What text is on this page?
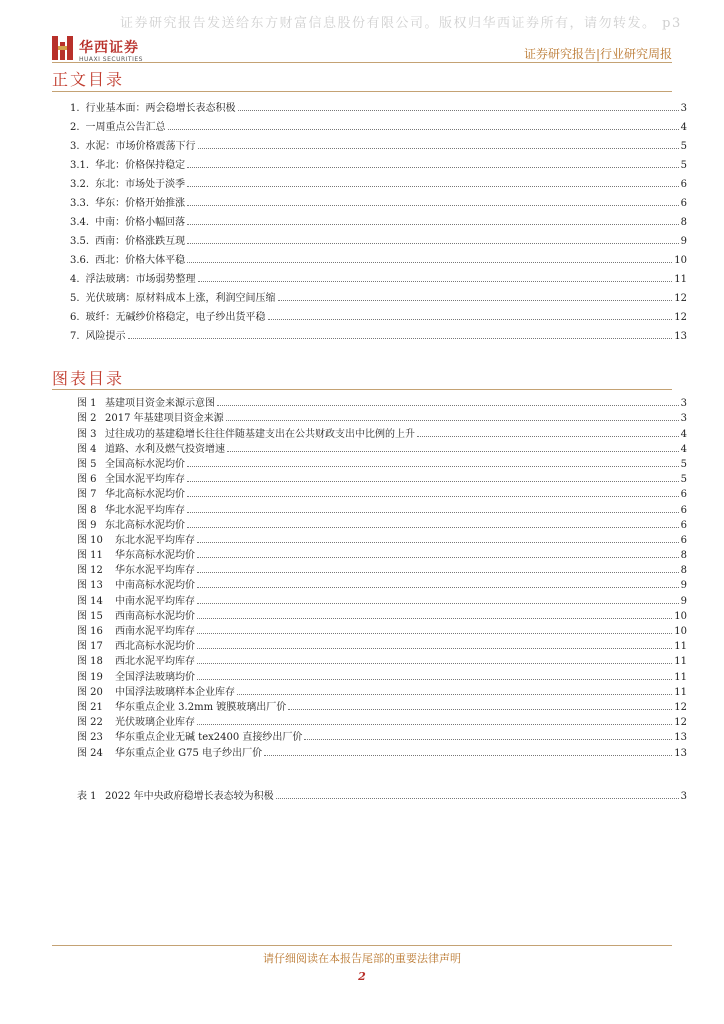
证券研究报告发送给东方财富信息股份有限公司。版权归华西证券所有，请勿转发。 p3
华西证券
HUAXI SECURITIES	证券研究报告|行业研究周报
正文目录
1. 行业基本面：两会稳增长表态积极	3
2. 一周重点公告汇总	4
3. 水泥：市场价格震荡下行	5
3.1. 华北：价格保持稳定	5
3.2. 东北：市场处于淡季	6
3.3. 华东：价格开始推涨	6
3.4. 中南：价格小幅回落	8
3.5. 西南：价格涨跌互现	9
3.6. 西北：价格大体平稳	10
4. 浮法玻璃：市场弱势整理	11
5. 光伏玻璃：原材料成本上涨，利润空间压缩	12
6. 玻纤：无碱纱价格稳定，电子纱出货平稳	12
7. 风险提示	13
图表目录
图 1 基建项目资金来源示意图	3
图 2 2017 年基建项目资金来源	3
图 3 过往成功的基建稳增长往往伴随基建支出在公共财政支出中比例的上升	4
图 4 道路、水利及燃气投资增速	4
图 5 全国高标水泥均价	5
图 6 全国水泥平均库存	5
图 7 华北高标水泥均价	6
图 8 华北水泥平均库存	6
图 9 东北高标水泥均价	6
图 10	东北水泥平均库存	6
图 11	华东高标水泥均价	8
图 12	华东水泥平均库存	8
图 13	中南高标水泥均价	9
图 14	中南水泥平均库存	9
图 15	西南高标水泥均价	10
图 16	西南水泥平均库存	10
图 17	西北高标水泥均价	11
图 18	西北水泥平均库存	11
图 19	全国浮法玻璃均价	11
图 20	中国浮法玻璃样本企业库存	11
图 21	华东重点企业 3.2mm 镀膜玻璃出厂价	12
图 22	光伏玻璃企业库存	12
图 23	华东重点企业无碱 tex2400 直接纱出厂价	13
图 24	华东重点企业 G75 电子纱出厂价	13
表 1 2022 年中央政府稳增长表态较为积极	3
请仔细阅读在本报告尾部的重要法律声明
2
